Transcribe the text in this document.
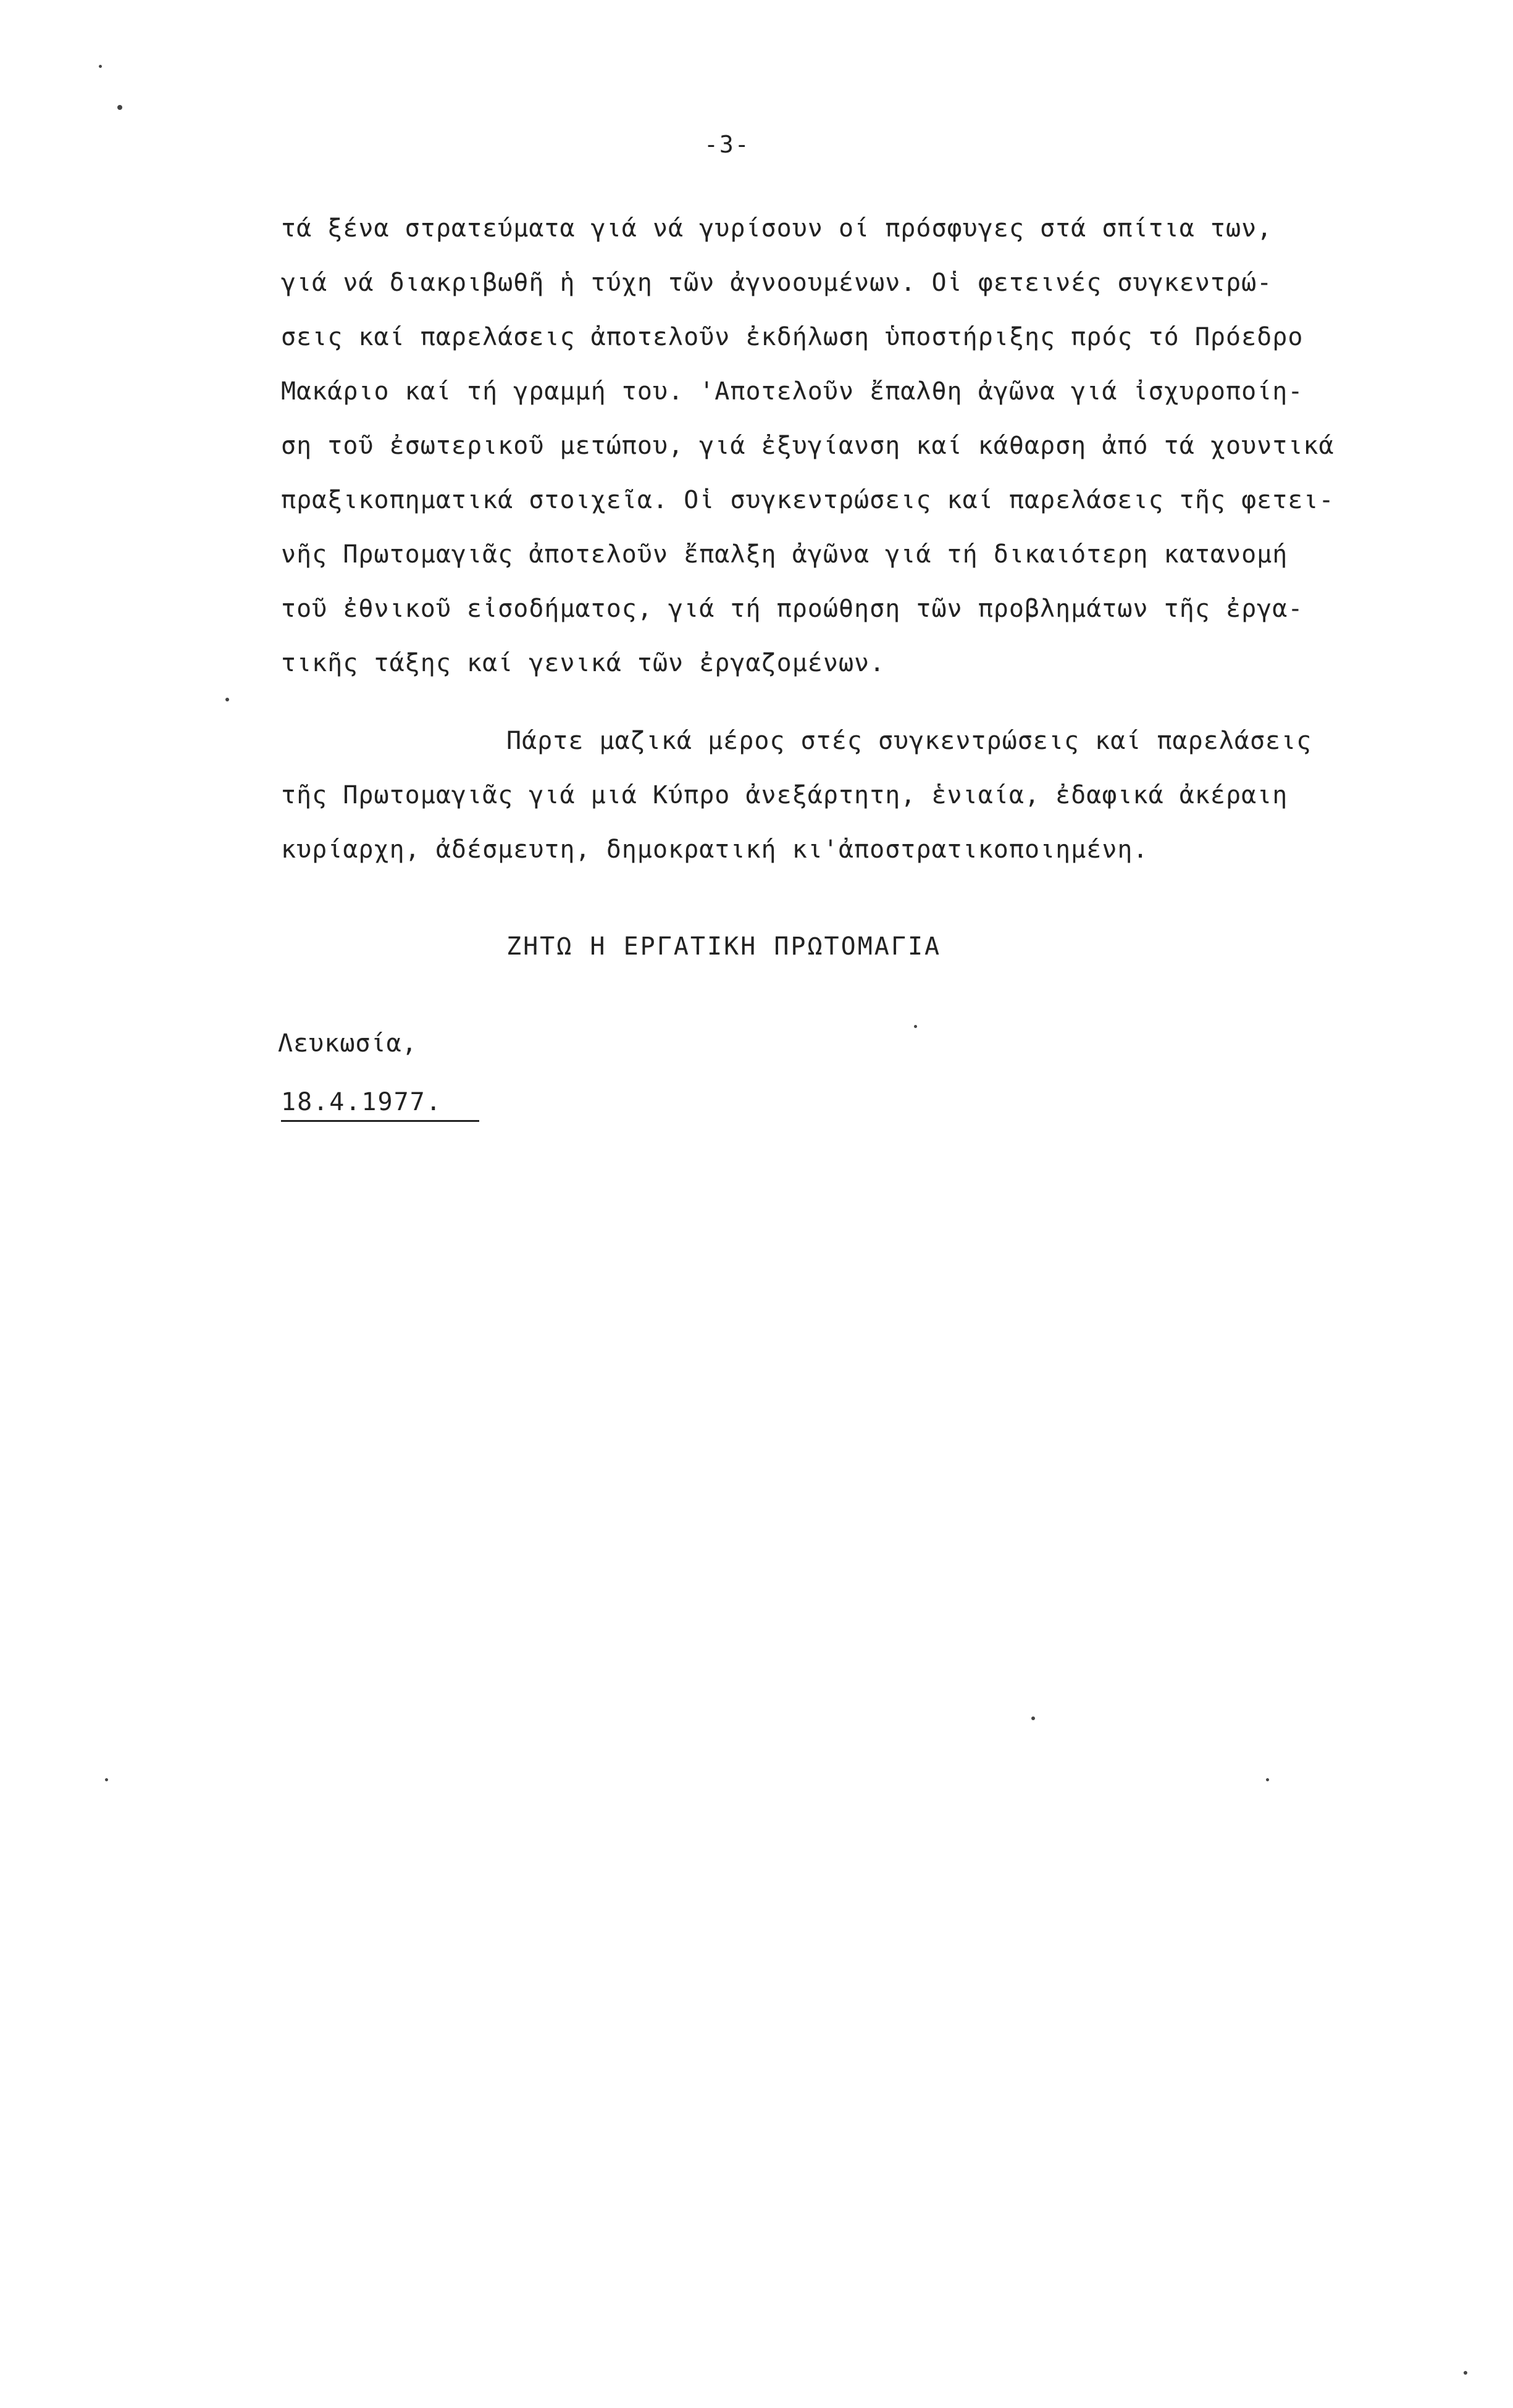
-3-
τά ξένα στρατεύματα γιά νά γυρίσουν οί πρόσφυγες στά σπίτια των,
γιά νά διακριβωθῆ ἡ τύχη τῶν ἀγνοουμένων. Οἱ φετεινές συγκεντρώ-
σεις καί παρελάσεις ἀποτελοῦν ἐκδήλωση ὑποστήριξης πρός τό Πρόεδρο
Μακάριο καί τή γραμμή του. 'Αποτελοῦν ἔπαλθη ἀγῶνα γιά ἰσχυροποίη-
ση τοῦ ἐσωτερικοῦ μετώπου, γιά ἐξυγίανση καί κάθαρση ἀπό τά χουντικά
πραξικοπηματικά στοιχεῖα. Οἱ συγκεντρώσεις καί παρελάσεις τῆς φετει-
νῆς Πρωτομαγιᾶς ἀποτελοῦν ἔπαλξη ἀγῶνα γιά τή δικαιότερη κατανομή
τοῦ ἐθνικοῦ εἰσοδήματος, γιά τή προώθηση τῶν προβλημάτων τῆς ἐργα-
τικῆς τάξης καί γενικά τῶν ἐργαζομένων.
Πάρτε μαζικά μέρος στές συγκεντρώσεις καί παρελάσεις
τῆς Πρωτομαγιᾶς γιά μιά Κύπρο ἀνεξάρτητη, ἑνιαία, ἐδαφικά ἀκέραιη
κυρίαρχη, ἀδέσμευτη, δημοκρατική κι'ἀποστρατικοποιημένη.
ΖΗΤΩ Η ΕΡΓΑΤΙΚΗ ΠΡΩΤΟΜΑΓΙΑ
Λευκωσία,
18.4.1977.
